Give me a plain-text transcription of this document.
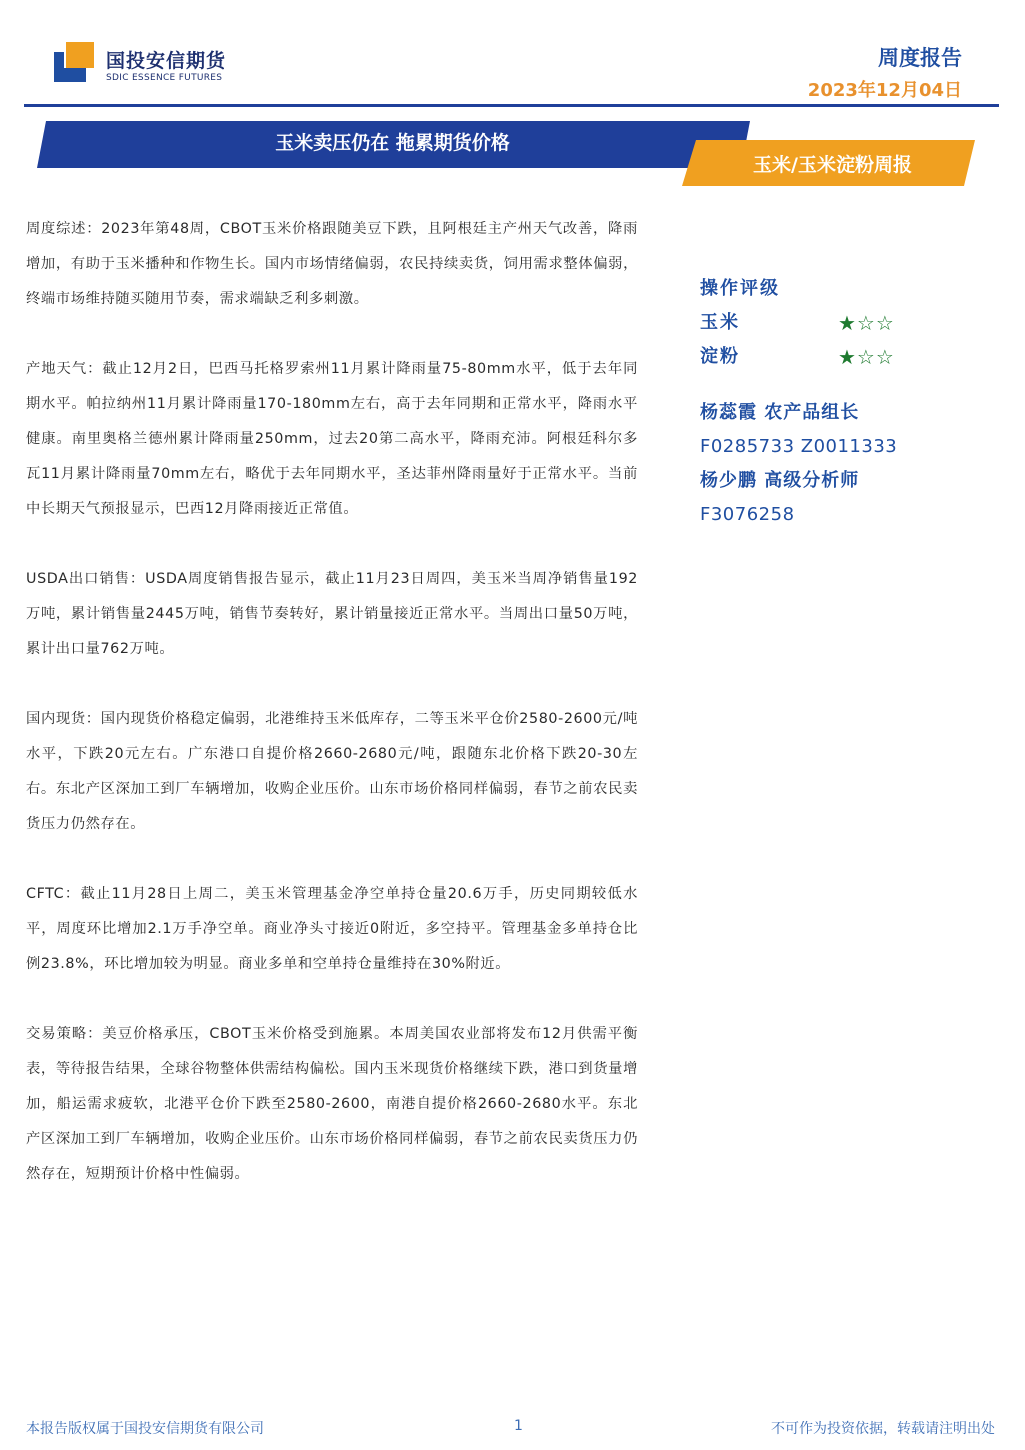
国投安信期货
SDIC ESSENCE FUTURES
周度报告
2023年12月04日
玉米卖压仍在 拖累期货价格
玉米/玉米淀粉周报

周度综述：2023年第48周，CBOT玉米价格跟随美豆下跌，且阿根廷主产州天气改善，降雨增加，有助于玉米播种和作物生长。国内市场情绪偏弱，农民持续卖货，饲用需求整体偏弱，终端市场维持随买随用节奏，需求端缺乏利多刺激。

产地天气：截止12月2日，巴西马托格罗索州11月累计降雨量75-80mm水平，低于去年同期水平。帕拉纳州11月累计降雨量170-180mm左右，高于去年同期和正常水平，降雨水平健康。南里奥格兰德州累计降雨量250mm，过去20第二高水平，降雨充沛。阿根廷科尔多瓦11月累计降雨量70mm左右，略优于去年同期水平，圣达菲州降雨量好于正常水平。当前中长期天气预报显示，巴西12月降雨接近正常值。

USDA出口销售：USDA周度销售报告显示，截止11月23日周四，美玉米当周净销售量192万吨，累计销售量2445万吨，销售节奏转好，累计销量接近正常水平。当周出口量50万吨，累计出口量762万吨。

国内现货：国内现货价格稳定偏弱，北港维持玉米低库存，二等玉米平仓价2580-2600元/吨水平，下跌20元左右。广东港口自提价格2660-2680元/吨，跟随东北价格下跌20-30左右。东北产区深加工到厂车辆增加，收购企业压价。山东市场价格同样偏弱，春节之前农民卖货压力仍然存在。

CFTC：截止11月28日上周二，美玉米管理基金净空单持仓量20.6万手，历史同期较低水平，周度环比增加2.1万手净空单。商业净头寸接近0附近，多空持平。管理基金多单持仓比例23.8%，环比增加较为明显。商业多单和空单持仓量维持在30%附近。

交易策略：美豆价格承压，CBOT玉米价格受到施累。本周美国农业部将发布12月供需平衡表，等待报告结果，全球谷物整体供需结构偏松。国内玉米现货价格继续下跌，港口到货量增加，船运需求疲软，北港平仓价下跌至2580-2600，南港自提价格2660-2680水平。东北产区深加工到厂车辆增加，收购企业压价。山东市场价格同样偏弱，春节之前农民卖货压力仍然存在，短期预计价格中性偏弱。

操作评级
玉米	★☆☆
淀粉	★☆☆
杨蕊霞 农产品组长
F0285733 Z0011333
杨少鹏 高级分析师
F3076258
本报告版权属于国投安信期货有限公司	1	不可作为投资依据，转载请注明出处
